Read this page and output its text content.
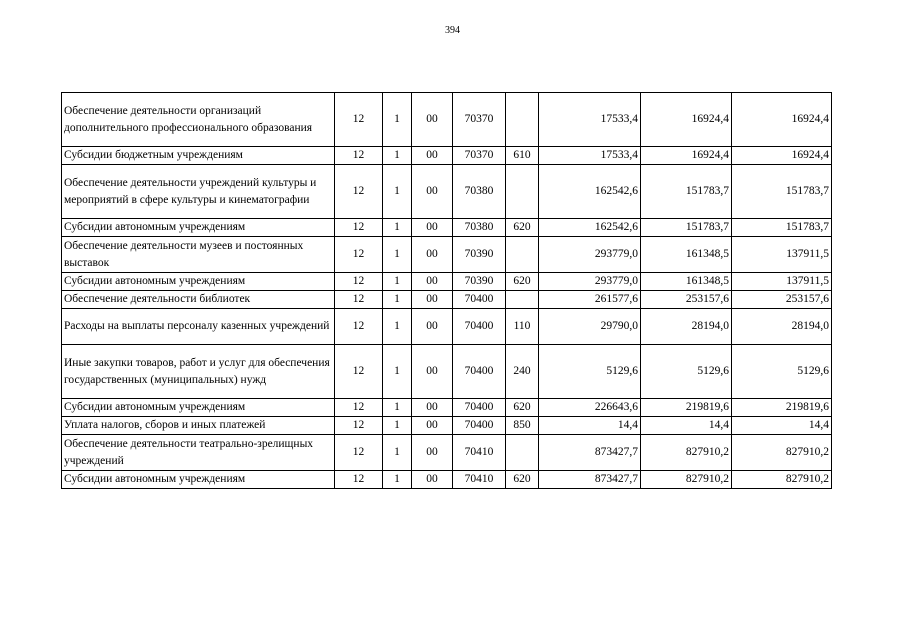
394
Обеспечение деятельности организаций дополнительного профессионального образования	12	1	00	70370		17533,4	16924,4	16924,4
Субсидии бюджетным учреждениям	12	1	00	70370	610	17533,4	16924,4	16924,4
Обеспечение деятельности учреждений культуры и мероприятий в сфере культуры и кинематографии	12	1	00	70380		162542,6	151783,7	151783,7
Субсидии автономным учреждениям	12	1	00	70380	620	162542,6	151783,7	151783,7
Обеспечение деятельности музеев и постоянных выставок	12	1	00	70390		293779,0	161348,5	137911,5
Субсидии автономным учреждениям	12	1	00	70390	620	293779,0	161348,5	137911,5
Обеспечение деятельности библиотек	12	1	00	70400		261577,6	253157,6	253157,6
Расходы на выплаты персоналу казенных учреждений	12	1	00	70400	110	29790,0	28194,0	28194,0
Иные закупки товаров, работ и услуг для обеспечения государственных (муниципальных) нужд	12	1	00	70400	240	5129,6	5129,6	5129,6
Субсидии автономным учреждениям	12	1	00	70400	620	226643,6	219819,6	219819,6
Уплата налогов, сборов и иных платежей	12	1	00	70400	850	14,4	14,4	14,4
Обеспечение деятельности театрально-зрелищных учреждений	12	1	00	70410		873427,7	827910,2	827910,2
Субсидии автономным учреждениям	12	1	00	70410	620	873427,7	827910,2	827910,2
